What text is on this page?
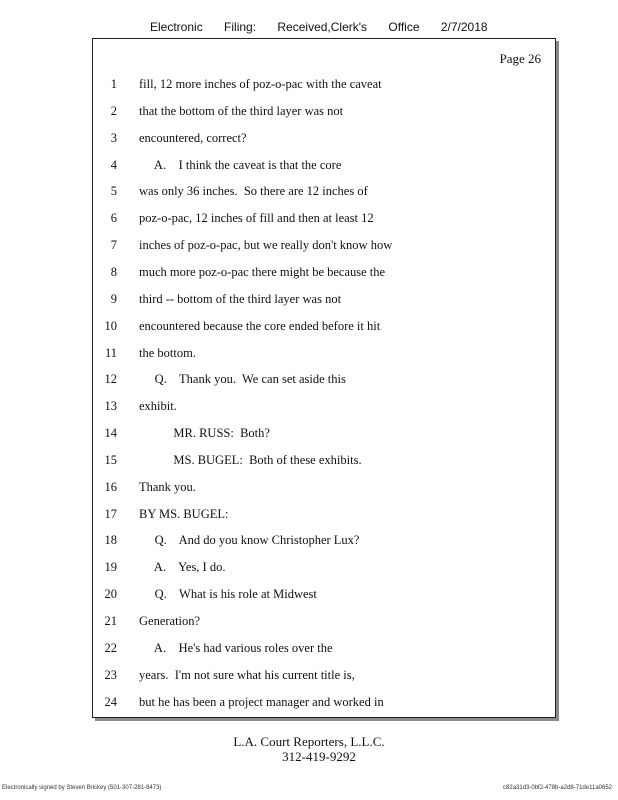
Electronic Filing: Received,Clerk's Office 2/7/2018
Page 26
1 fill, 12 more inches of poz-o-pac with the caveat
2 that the bottom of the third layer was not
3 encountered, correct?
4 A.    I think the caveat is that the core
5 was only 36 inches.  So there are 12 inches of
6 poz-o-pac, 12 inches of fill and then at least 12
7 inches of poz-o-pac, but we really don't know how
8 much more poz-o-pac there might be because the
9 third -- bottom of the third layer was not
10 encountered because the core ended before it hit
11 the bottom.
12 Q.    Thank you.  We can set aside this
13 exhibit.
14 MR. RUSS:  Both?
15 MS. BUGEL:  Both of these exhibits.
16 Thank you.
17 BY MS. BUGEL:
18 Q.    And do you know Christopher Lux?
19 A.    Yes, I do.
20 Q.    What is his role at Midwest
21 Generation?
22 A.    He's had various roles over the
23 years.  I'm not sure what his current title is,
24 but he has been a project manager and worked in
L.A. Court Reporters, L.L.C.
312-419-9292
Electronically signed by Steven Brickey (501-307-281-8473)	c82a31d3-0bf2-478b-a2d8-71de11a0652
